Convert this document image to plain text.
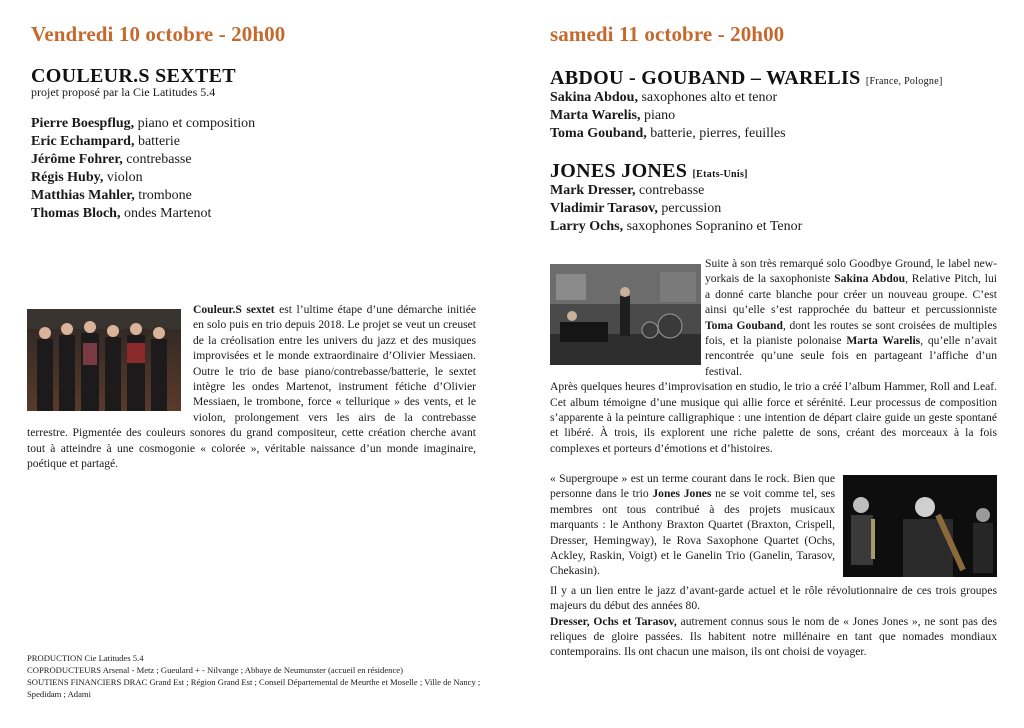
Vendredi 10 octobre - 20h00
COULEUR.S SEXTET
projet proposé par la Cie Latitudes 5.4
Pierre Boespflug, piano et composition
Eric Echampard, batterie
Jérôme Fohrer, contrebasse
Régis Huby, violon
Matthias Mahler, trombone
Thomas Bloch, ondes Martenot

Couleur.S sextet est l’ultime étape d’une démarche initiée en solo puis en trio depuis 2018. Le projet se veut un creuset de la créolisation entre les univers du jazz et des musiques improvisées et le monde extraordinaire d’Olivier Messiaen. Outre le trio de base piano/contrebasse/batterie, le sextet intègre les ondes Martenot, instrument fétiche d’Olivier Messiaen, le trombone, force « tellurique » des vents, et le violon, prolongement vers les airs de la contrebasse terrestre. Pigmentée des couleurs sonores du grand compositeur, cette création cherche avant tout à atteindre à une cosmogonie « colorée », véritable naissance d’un monde imaginaire, poétique et partagé.

PRODUCTION Cie Latitudes 5.4

COPRODUCTEURS Arsenal - Metz ; Gueulard + - Nilvange ; Abbaye de Neumunster (accueil en résidence)

SOUTIENS FINANCIERS DRAC Grand Est ; Région Grand Est ; Conseil Départemental de Meurthe et Moselle ; Ville de Nancy ; Spedidam ; Adami

samedi 11 octobre - 20h00
ABDOU - GOUBAND – WARELIS [France, Pologne]
Sakina Abdou, saxophones alto et tenor
Marta Warelis, piano
Toma Gouband, batterie, pierres, feuilles
JONES JONES [Etats-Unis]
Mark Dresser, contrebasse
Vladimir Tarasov, percussion
Larry Ochs, saxophones Sopranino et Tenor

Suite à son très remarqué solo Goodbye Ground, le label new-yorkais de la saxophoniste Sakina Abdou, Relative Pitch, lui a donné carte blanche pour créer un nouveau groupe. C’est ainsi qu’elle s’est rapprochée du batteur et percussionniste Toma Gouband, dont les routes se sont croisées de multiples fois, et la pianiste polonaise Marta Warelis, qu’elle n’avait rencontrée qu’une seule fois en partageant l’affiche d’un festival.

Après quelques heures d’improvisation en studio, le trio a créé l’album Hammer, Roll and Leaf. Cet album témoigne d’une musique qui allie force et sérénité. Leur processus de composition s’apparente à la peinture calligraphique : une intention de départ claire guide un geste spontané et libéré. À trois, ils explorent une riche palette de sons, créant des morceaux à la fois complexes et porteurs d’émotions et d’histoires.

« Supergroupe » est un terme courant dans le rock. Bien que personne dans le trio Jones Jones ne se voit comme tel, ses membres ont tous contribué à des projets musicaux marquants : le Anthony Braxton Quartet (Braxton, Crispell, Dresser, Hemingway), le Rova Saxophone Quartet (Ochs, Ackley, Raskin, Voigt) et le Ganelin Trio (Ganelin, Tarasov, Chekasin).

Il y a un lien entre le jazz d’avant-garde actuel et le rôle révolutionnaire de ces trois groupes majeurs du début des années 80.

Dresser, Ochs et Tarasov, autrement connus sous le nom de « Jones Jones », ne sont pas des reliques de gloire passées. Ils habitent notre millénaire en tant que nomades mondiaux contemporains. Ils ont chacun une maison, ils ont choisi de voyager.
